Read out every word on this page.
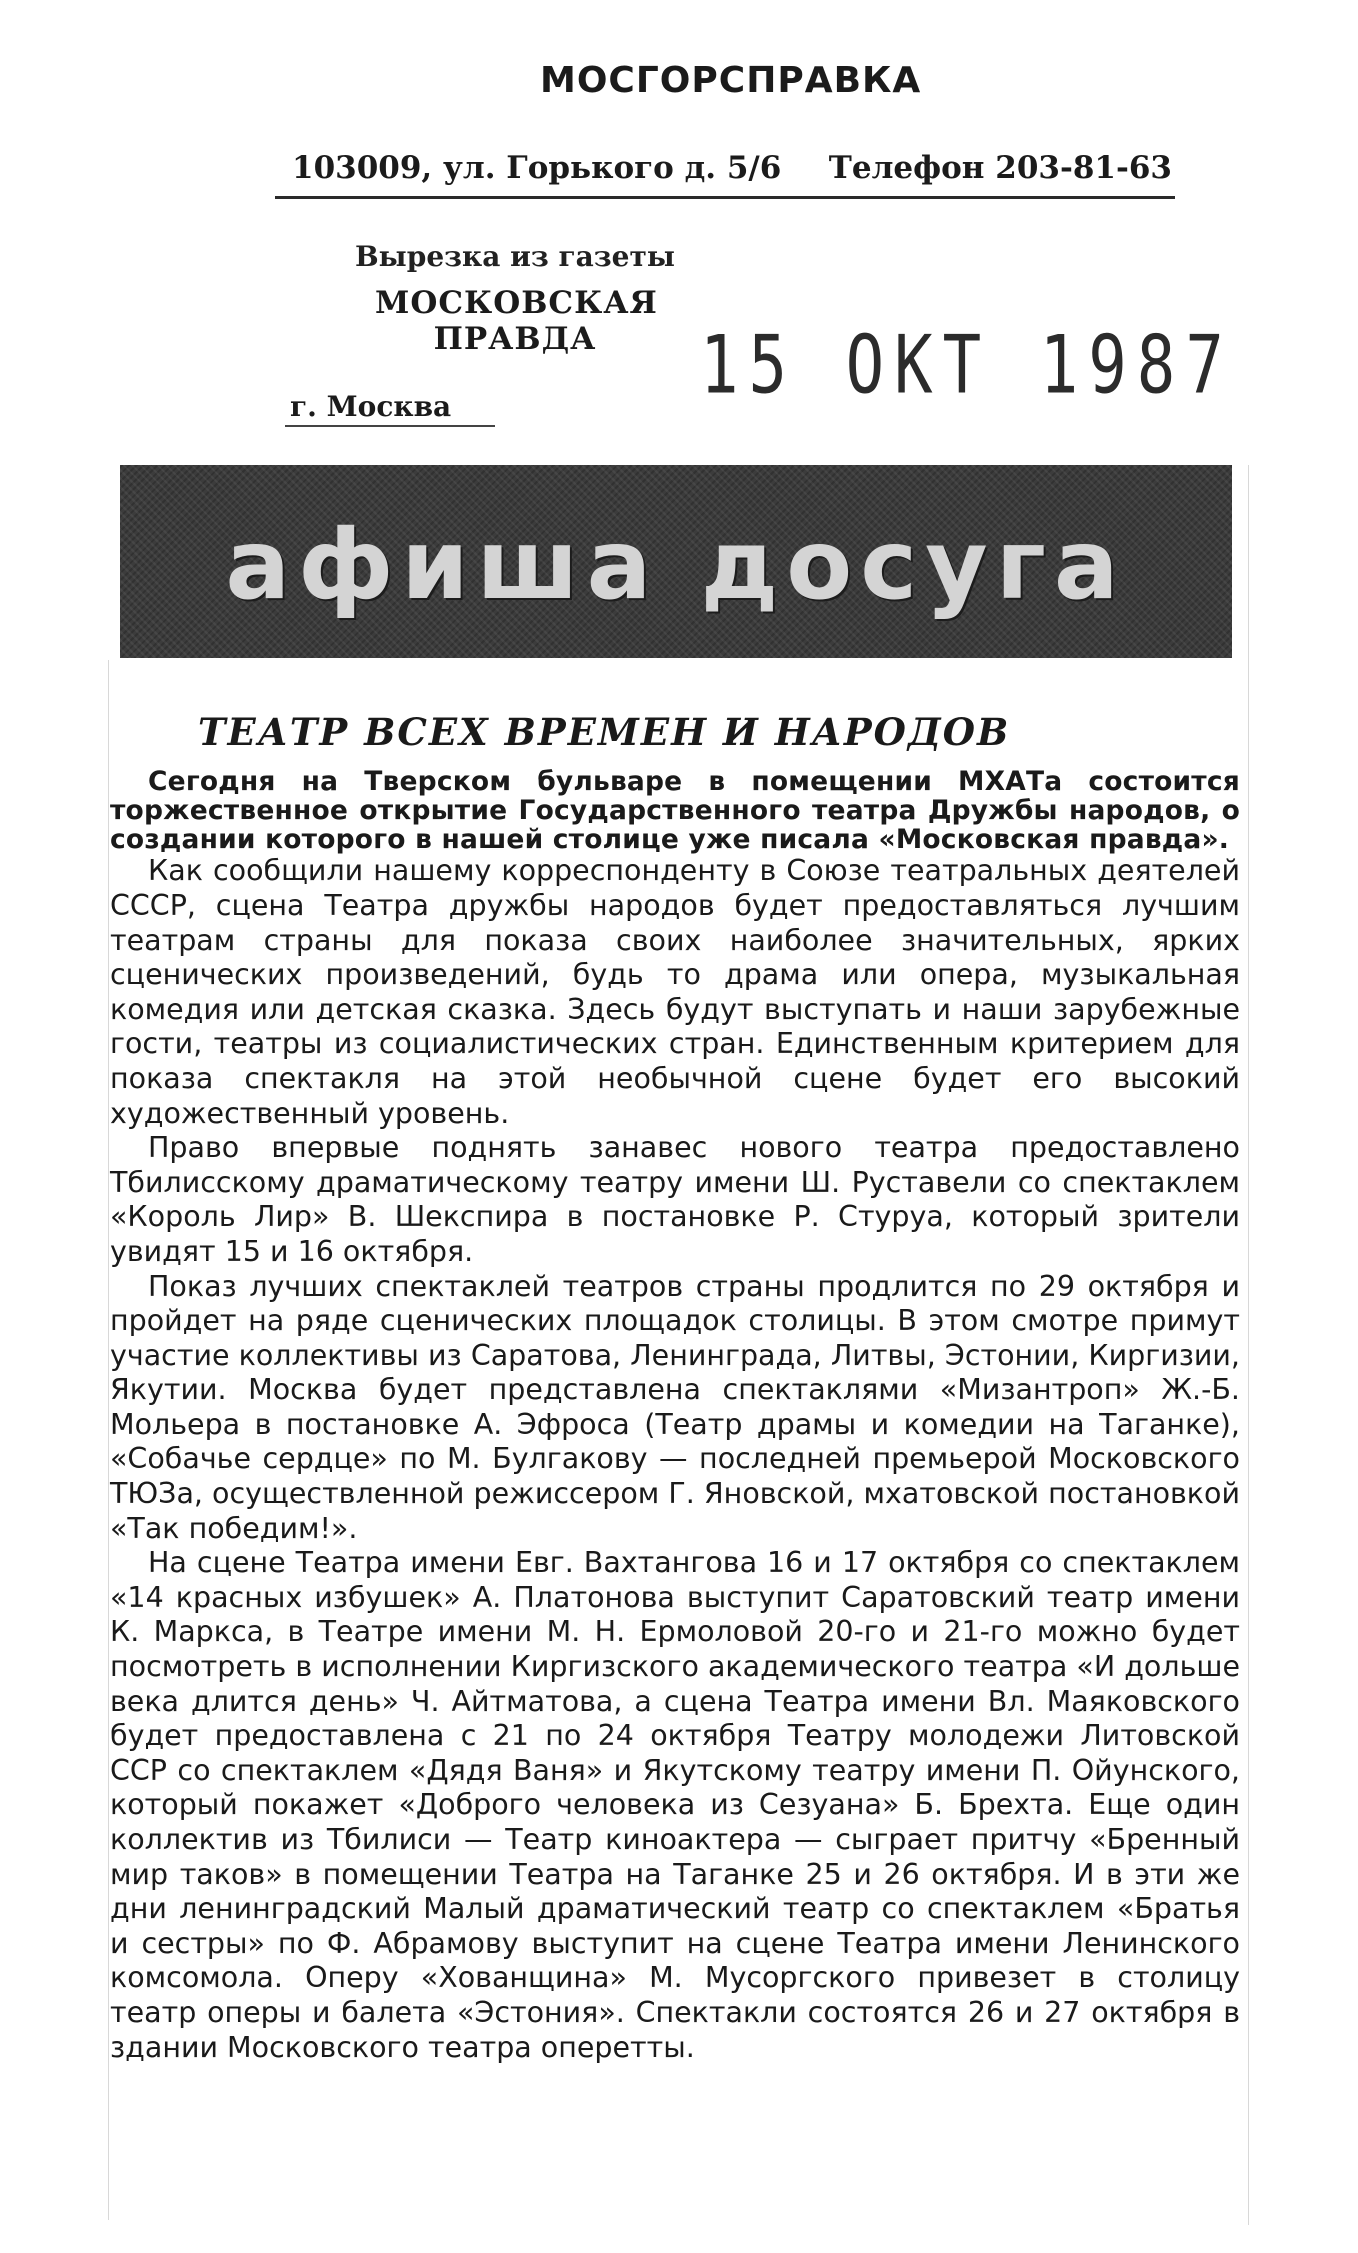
МОСГОРСПРАВКА
103009, ул. Горького д. 5/6 Телефон 203-81-63
Вырезка из газеты
МОСКОВСКАЯ
ПРАВДА
г. Москва	15 ОКТ 1987
афиша досуга
ТЕАТР ВСЕХ ВРЕМЕН И НАРОДОВ

Сегодня на Тверском бульваре в помещении МХАТа состоится торжественное открытие Государственного театра Дружбы народов, о создании которого в нашей столице уже писала «Московская правда».

Как сообщили нашему корреспонденту в Союзе театральных деятелей СССР, сцена Театра дружбы народов будет предоставляться лучшим театрам страны для показа своих наиболее значительных, ярких сценических произведений, будь то драма или опера, музыкальная комедия или детская сказка. Здесь будут выступать и наши зарубежные гости, театры из социалистических стран. Единственным критерием для показа спектакля на этой необычной сцене будет его высокий художественный уровень.

Право впервые поднять занавес нового театра предоставлено Тбилисскому драматическому театру имени Ш. Руставели со спектаклем «Король Лир» В. Шекспира в постановке Р. Стуруа, который зрители увидят 15 и 16 октября.

Показ лучших спектаклей театров страны продлится по 29 октября и пройдет на ряде сценических площадок столицы. В этом смотре примут участие коллективы из Саратова, Ленинграда, Литвы, Эстонии, Киргизии, Якутии. Москва будет представлена спектаклями «Мизантроп» Ж.-Б. Мольера в постановке А. Эфроса (Театр драмы и комедии на Таганке), «Собачье сердце» по М. Булгакову — последней премьерой Московского ТЮЗа, осуществленной режиссером Г. Яновской, мхатовской постановкой «Так победим!».

На сцене Театра имени Евг. Вахтангова 16 и 17 октября со спектаклем «14 красных избушек» А. Платонова выступит Саратовский театр имени К. Маркса, в Театре имени М. Н. Ермоловой 20-го и 21-го можно будет посмотреть в исполнении Киргизского академического театра «И дольше века длится день» Ч. Айтматова, а сцена Театра имени Вл. Маяковского будет предоставлена с 21 по 24 октября Театру молодежи Литовской ССР со спектаклем «Дядя Ваня» и Якутскому театру имени П. Ойунского, который покажет «Доброго человека из Сезуана» Б. Брехта. Еще один коллектив из Тбилиси — Театр киноактера — сыграет притчу «Бренный мир таков» в помещении Театра на Таганке 25 и 26 октября. И в эти же дни ленинградский Малый драматический театр со спектаклем «Братья и сестры» по Ф. Абрамову выступит на сцене Театра имени Ленинского комсомола. Оперу «Хованщина» М. Мусоргского привезет в столицу театр оперы и балета «Эстония». Спектакли состоятся 26 и 27 октября в здании Московского театра оперетты.
